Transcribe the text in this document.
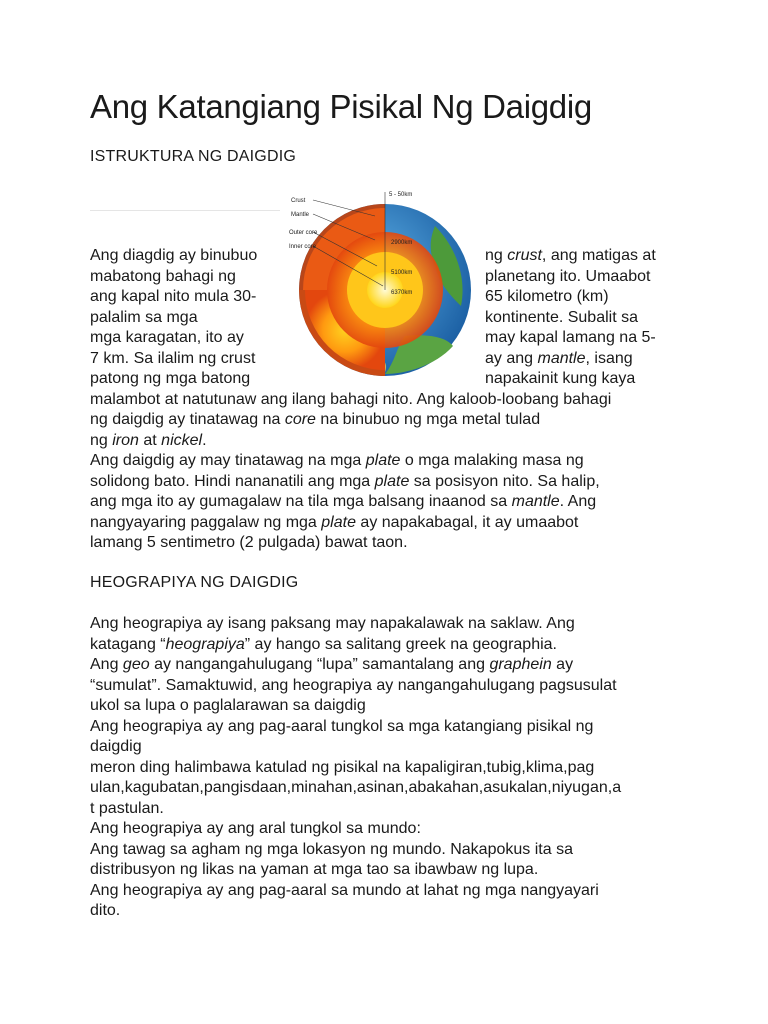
Ang Katangiang Pisikal Ng Daigdig
ISTRUKTURA NG DAIGDIG
Ang diagdig ay binubuo
mabatong bahagi ng
ang kapal nito mula 30-
palalim sa mga
mga karagatan, ito ay
7 km. Sa ilalim ng crust
patong ng mga batong
ng crust, ang matigas at
planetang ito. Umaabot
65 kilometro (km)
kontinente. Subalit sa
may kapal lamang na 5-
ay ang mantle, isang
napakainit kung kaya
malambot at natutunaw ang ilang bahagi nito. Ang kaloob-loobang bahagi
ng daigdig ay tinatawag na core na binubuo ng mga metal tulad
ng iron at nickel.
Ang daigdig ay may tinatawag na mga plate o mga malaking masa ng
solidong bato. Hindi nananatili ang mga plate sa posisyon nito. Sa halip,
ang mga ito ay gumagalaw na tila mga balsang inaanod sa mantle. Ang
nangyayaring paggalaw ng mga plate ay napakabagal, it ay umaabot
lamang 5 sentimetro (2 pulgada) bawat taon.
Crust
Mantle
Outer core
Inner core
5 - 50km
2900km
5100km
6370km
HEOGRAPIYA NG DAIGDIG
Ang heograpiya ay isang paksang may napakalawak na saklaw. Ang
katagang “heograpiya” ay hango sa salitang greek na geographia.
Ang geo ay nangangahulugang “lupa” samantalang ang graphein ay
“sumulat”. Samaktuwid, ang heograpiya ay nangangahulugang pagsusulat
ukol sa lupa o paglalarawan sa daigdig
Ang heograpiya ay ang pag-aaral tungkol sa mga katangiang pisikal ng
daigdig
meron ding halimbawa katulad ng pisikal na kapaligiran,tubig,klima,pag
ulan,kagubatan,pangisdaan,minahan,asinan,abakahan,asukalan,niyugan,a
t pastulan.
Ang heograpiya ay ang aral tungkol sa mundo:
Ang tawag sa agham ng mga lokasyon ng mundo. Nakapokus ita sa
distribusyon ng likas na yaman at mga tao sa ibawbaw ng lupa.
Ang heograpiya ay ang pag-aaral sa mundo at lahat ng mga nangyayari
dito.
